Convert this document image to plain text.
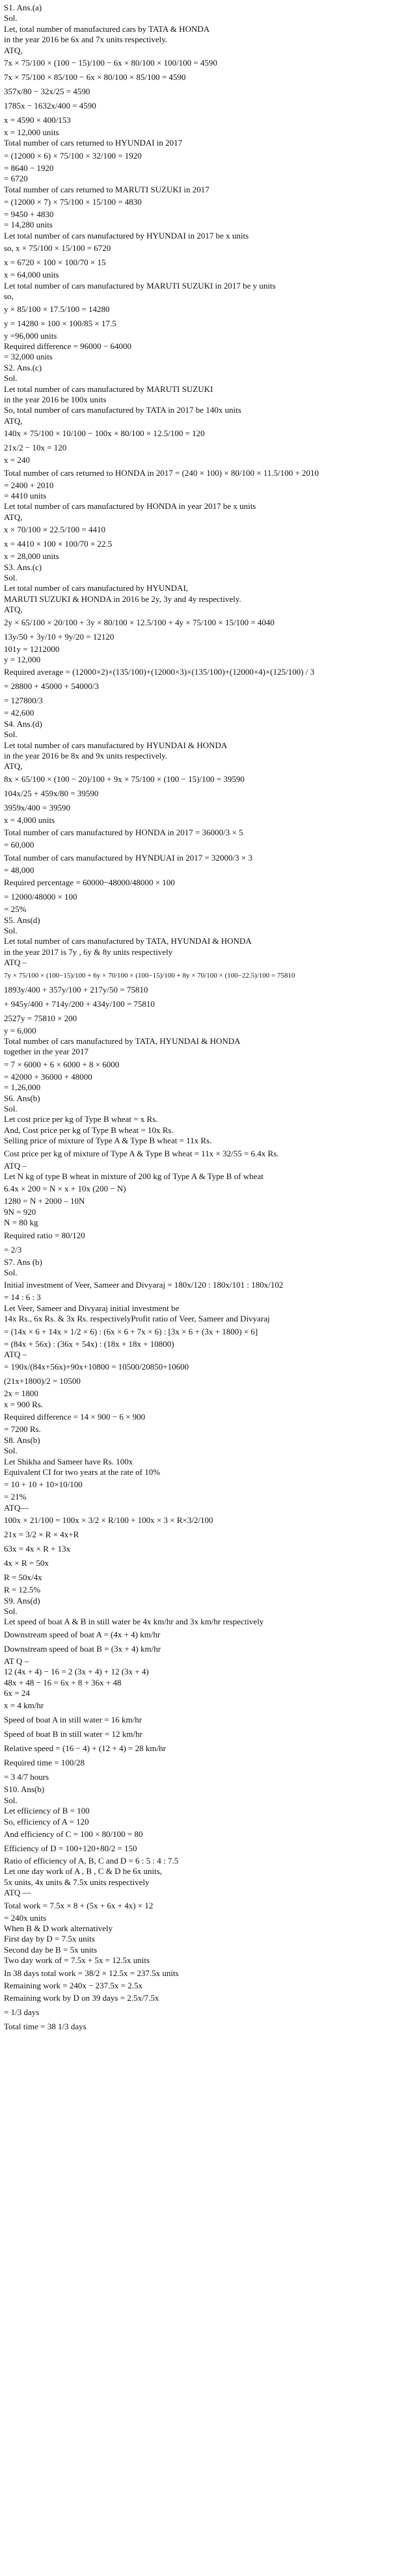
S1. Ans.(a)
Sol.
Let, total number of manufactured cars by TATA & HONDA
in the year 2016 be 6x and 7x units respectively.
ATQ,
7x × 75/100 × (100 − 15)/100 − 6x × 80/100 × 100/100 = 4590
7x × 75/100 × 85/100 − 6x × 80/100 × 85/100 = 4590
357x/80 − 32x/25 = 4590
1785x − 1632x/400 = 4590
x = 4590 × 400/153
x = 12,000 units
Total number of cars returned to HYUNDAI in 2017
= (12000 × 6) × 75/100 × 32/100 = 1920
= 8640 − 1920
= 6720
Total number of cars returned to MARUTI SUZUKI in 2017
= (12000 × 7) × 75/100 × 15/100 = 4830
= 9450 + 4830
= 14,280 units
Let total number of cars manufactured by HYUNDAI in 2017 be x units
so, x × 75/100 × 15/100 = 6720
x = 6720 × 100 × 100/70 × 15
x = 64,000 units
Let total number of cars manufactured by MARUTI SUZUKI in 2017 be y units
so,
y × 85/100 × 17.5/100 = 14280
y = 14280 × 100 × 100/85 × 17.5
y =96,000 units
Required difference = 96000 − 64000
= 32,000 units
S2. Ans.(c)
Sol.
Let total number of cars manufactured by MARUTI SUZUKI
in the year 2016 be 100x units
So, total number of cars manufactured by TATA in 2017 be 140x units
ATQ,
140x × 75/100 × 10/100 − 100x × 80/100 × 12.5/100 = 120
21x/2 − 10x = 120
x = 240
Total number of cars returned to HONDA in 2017 = (240 × 100) × 80/100 × 11.5/100 + 2010
= 2400 + 2010
= 4410 units
Let total number of cars manufactured by HONDA in year 2017 be x units
ATQ,
x × 70/100 × 22.5/100 = 4410
x = 4410 × 100 × 100/70 × 22.5
x = 28,000 units
S3. Ans.(c)
Sol.
Let total number of cars manufactured by HYUNDAI,
MARUTI SUZUKI & HONDA in 2016 be 2y, 3y and 4y respectively.
ATQ,
2y × 65/100 × 20/100 + 3y × 80/100 × 12.5/100 + 4y × 75/100 × 15/100 = 4040
13y/50 + 3y/10 + 9y/20 = 12120
101y = 1212000
y = 12,000
Required average = (12000×2)×(135/100)+(12000×3)×(135/100)+(12000×4)×(125/100) / 3
= 28800 + 45000 + 54000/3
= 127800/3
= 42,600
S4. Ans.(d)
Sol.
Let total number of cars manufactured by HYUNDAI & HONDA
in the year 2016 be 8x and 9x units respectively.
ATQ,
8x × 65/100 × (100 − 20)/100 + 9x × 75/100 × (100 − 15)/100 = 39590
104x/25 + 459x/80 = 39590
3959x/400 = 39590
x = 4,000 units
Total number of cars manufactured by HONDA in 2017 = 36000/3 × 5
= 60,000
Total number of cars manufactured by HYNDUAI in 2017 = 32000/3 × 3
= 48,000
Required percentage = 60000−48000/48000 × 100
= 12000/48000 × 100
= 25%
S5. Ans(d)
Sol.
Let total number of cars manufactured by TATA, HYUNDAI & HONDA
in the year 2017 is 7y , 6y & 8y units respectively
ATQ –
7y × 75/100 × (100−15)/100 + 6y × 70/100 × (100−15)/100 + 8y × 70/100 × (100−22.5)/100 = 75810
1893y/400 + 357y/100 + 217y/50 = 75810
+ 945y/400 + 714y/200 + 434y/100 = 75810
2527y = 75810 × 200
y = 6,000
Total number of cars manufactured by TATA, HYUNDAI & HONDA
together in the year 2017
= 7 × 6000 + 6 × 6000 + 8 × 6000
= 42000 + 36000 + 48000
= 1,26,000
S6. Ans(b)
Sol.
Let cost price per kg of Type B wheat = x Rs.
And, Cost price per kg of Type B wheat = 10x Rs.
Selling price of mixture of Type A & Type B wheat = 11x Rs.
Cost price per kg of mixture of Type A & Type B wheat = 11x × 32/55 = 6.4x Rs.
ATQ –
Let N kg of type B wheat in mixture of 200 kg of Type A & Type B of wheat
6.4x × 200 = N × x + 10x (200 − N)
1280 = N + 2000 – 10N
9N = 920
N = 80 kg
Required ratio = 80/120
= 2/3
S7. Ans (b)
Sol.
Initial investment of Veer, Sameer and Divyaraj = 180x/120 : 180x/101 : 180x/102
= 14 : 6 : 3
Let Veer, Sameer and Divyaraj initial investment be
14x Rs., 6x Rs. & 3x Rs. respectivelyProfit ratio of Veer, Sameer and Divyaraj
= (14x × 6 + 14x × 1/2 × 6) : (6x × 6 + 7x × 6) : [3x × 6 + (3x + 1800) × 6]
= (84x + 56x) : (36x + 54x) : (18x + 18x + 10800)
ATQ –
= 190x/(84x+56x)+90x+10800 = 10500/20850+10600
(21x+1800)/2 = 10500
2x = 1800
x = 900 Rs.
Required difference = 14 × 900 − 6 × 900
= 7200 Rs.
S8. Ans(b)
Sol.
Let Shikha and Sameer have Rs. 100x
Equivalent CI for two years at the rate of 10%
= 10 + 10 + 10×10/100
= 21%
ATQ—
100x × 21/100 = 100x × 3/2 × R/100 + 100x × 3 × R×3/2/100
21x = 3/2 × R × 4x+R
63x = 4x × R + 13x
4x × R = 50x
R = 50x/4x
R = 12.5%
S9. Ans(d)
Sol.
Let speed of boat A & B in still water be 4x km/hr and 3x km/hr respectively
Downstream speed of boat A = (4x + 4) km/hr
Downstream speed of boat B = (3x + 4) km/hr
AT Q –
12 (4x + 4) − 16 = 2 (3x + 4) + 12 (3x + 4)
48x + 48 − 16 = 6x + 8 + 36x + 48
6x = 24
x = 4 km/hr
Speed of boat A in still water = 16 km/hr
Speed of boat B in still water = 12 km/hr
Relative speed = (16 − 4) + (12 + 4) = 28 km/hr
Required time = 100/28
= 3 4/7 hours
S10. Ans(b)
Sol.
Let efficiency of B = 100
So, efficiency of A = 120
And efficiency of C = 100 × 80/100 = 80
Efficiency of D = 100+120+80/2 = 150
Ratio of efficiency of A, B, C and D = 6 : 5 : 4 : 7.5
Let one day work of A , B , C & D be 6x units,
5x units, 4x units & 7.5x units respectively
ATQ —
Total work = 7.5x × 8 + (5x + 6x + 4x) × 12
= 240x units
When B & D work alternatively
First day by D = 7.5x units
Second day be B = 5x units
Two day work of = 7.5x + 5x = 12.5x units
In 38 days total work = 38/2 × 12.5x = 237.5x units
Remaining work = 240x − 237.5x = 2.5x
Remaining work by D on 39 days = 2.5x/7.5x
= 1/3 days
Total time = 38 1/3 days
